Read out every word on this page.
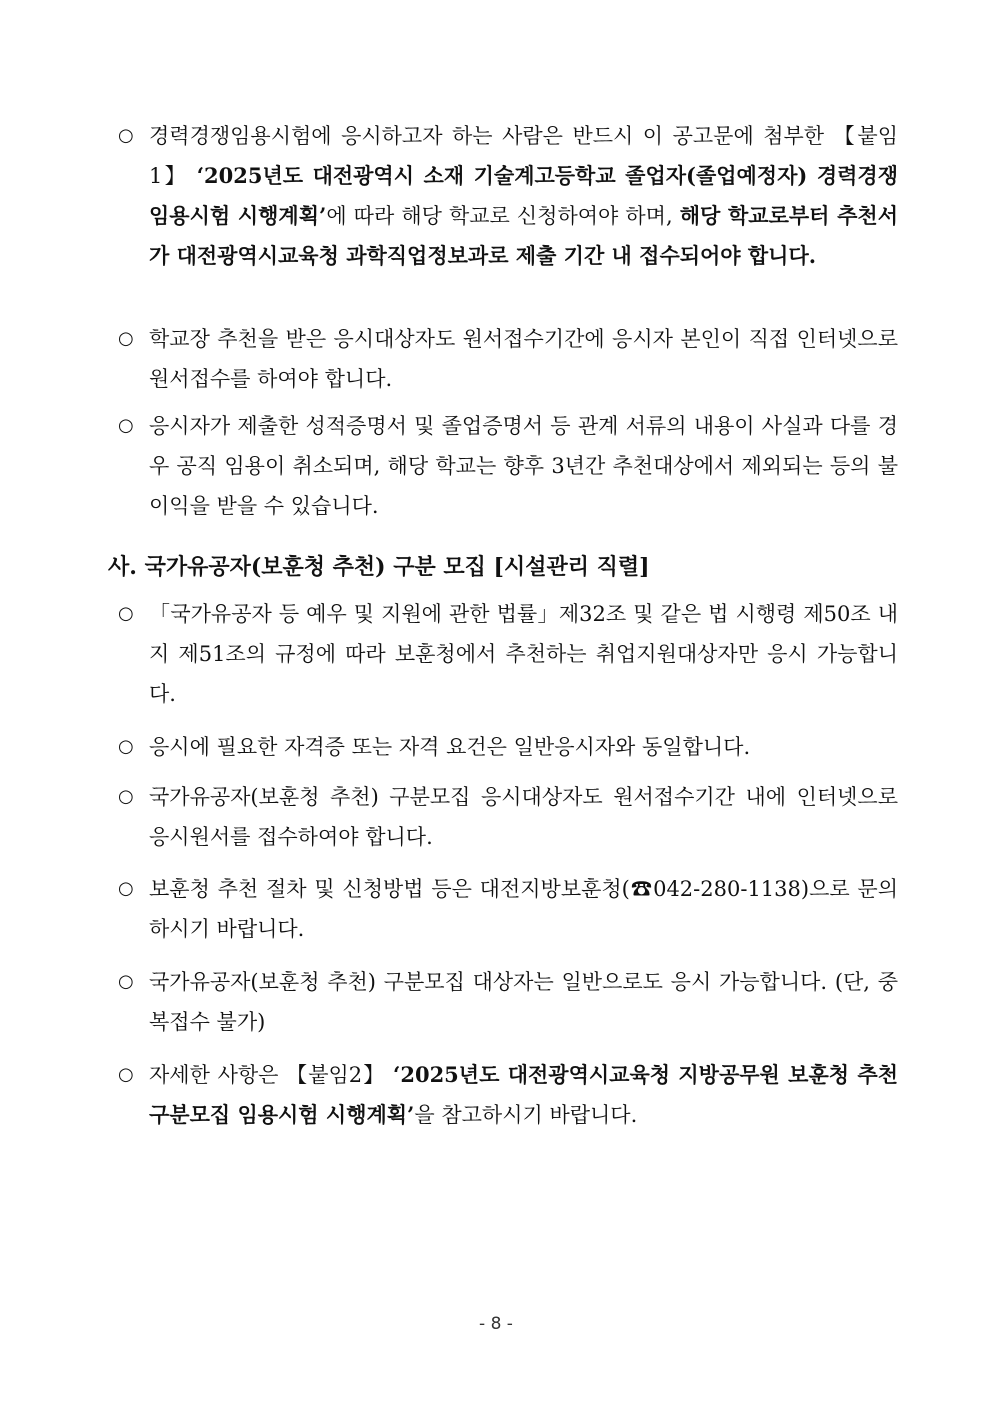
○ 경력경쟁임용시험에 응시하고자 하는 사람은 반드시 이 공고문에 첨부한 【붙임1】 ‘2025년도 대전광역시 소재 기술계고등학교 졸업자(졸업예정자) 경력경쟁 임용시험 시행계획’에 따라 해당 학교로 신청하여야 하며, 해당 학교로부터 추천서가 대전광역시교육청 과학직업정보과로 제출 기간 내 접수되어야 합니다.
○ 학교장 추천을 받은 응시대상자도 원서접수기간에 응시자 본인이 직접 인터넷으로 원서접수를 하여야 합니다.
○ 응시자가 제출한 성적증명서 및 졸업증명서 등 관계 서류의 내용이 사실과 다를 경우 공직 임용이 취소되며, 해당 학교는 향후 3년간 추천대상에서 제외되는 등의 불이익을 받을 수 있습니다.
사. 국가유공자(보훈청 추천) 구분 모집 [시설관리 직렬]
○ 「국가유공자 등 예우 및 지원에 관한 법률」제32조 및 같은 법 시행령 제50조 내지 제51조의 규정에 따라 보훈청에서 추천하는 취업지원대상자만 응시 가능합니다.
○ 응시에 필요한 자격증 또는 자격 요건은 일반응시자와 동일합니다.
○ 국가유공자(보훈청 추천) 구분모집 응시대상자도 원서접수기간 내에 인터넷으로 응시원서를 접수하여야 합니다.
○ 보훈청 추천 절차 및 신청방법 등은 대전지방보훈청(☎042-280-1138)으로 문의하시기 바랍니다.
○ 국가유공자(보훈청 추천) 구분모집 대상자는 일반으로도 응시 가능합니다. (단, 중복접수 불가)
○ 자세한 사항은 【붙임2】 ‘2025년도 대전광역시교육청 지방공무원 보훈청 추천 구분모집 임용시험 시행계획’을 참고하시기 바랍니다.
- 8 -
